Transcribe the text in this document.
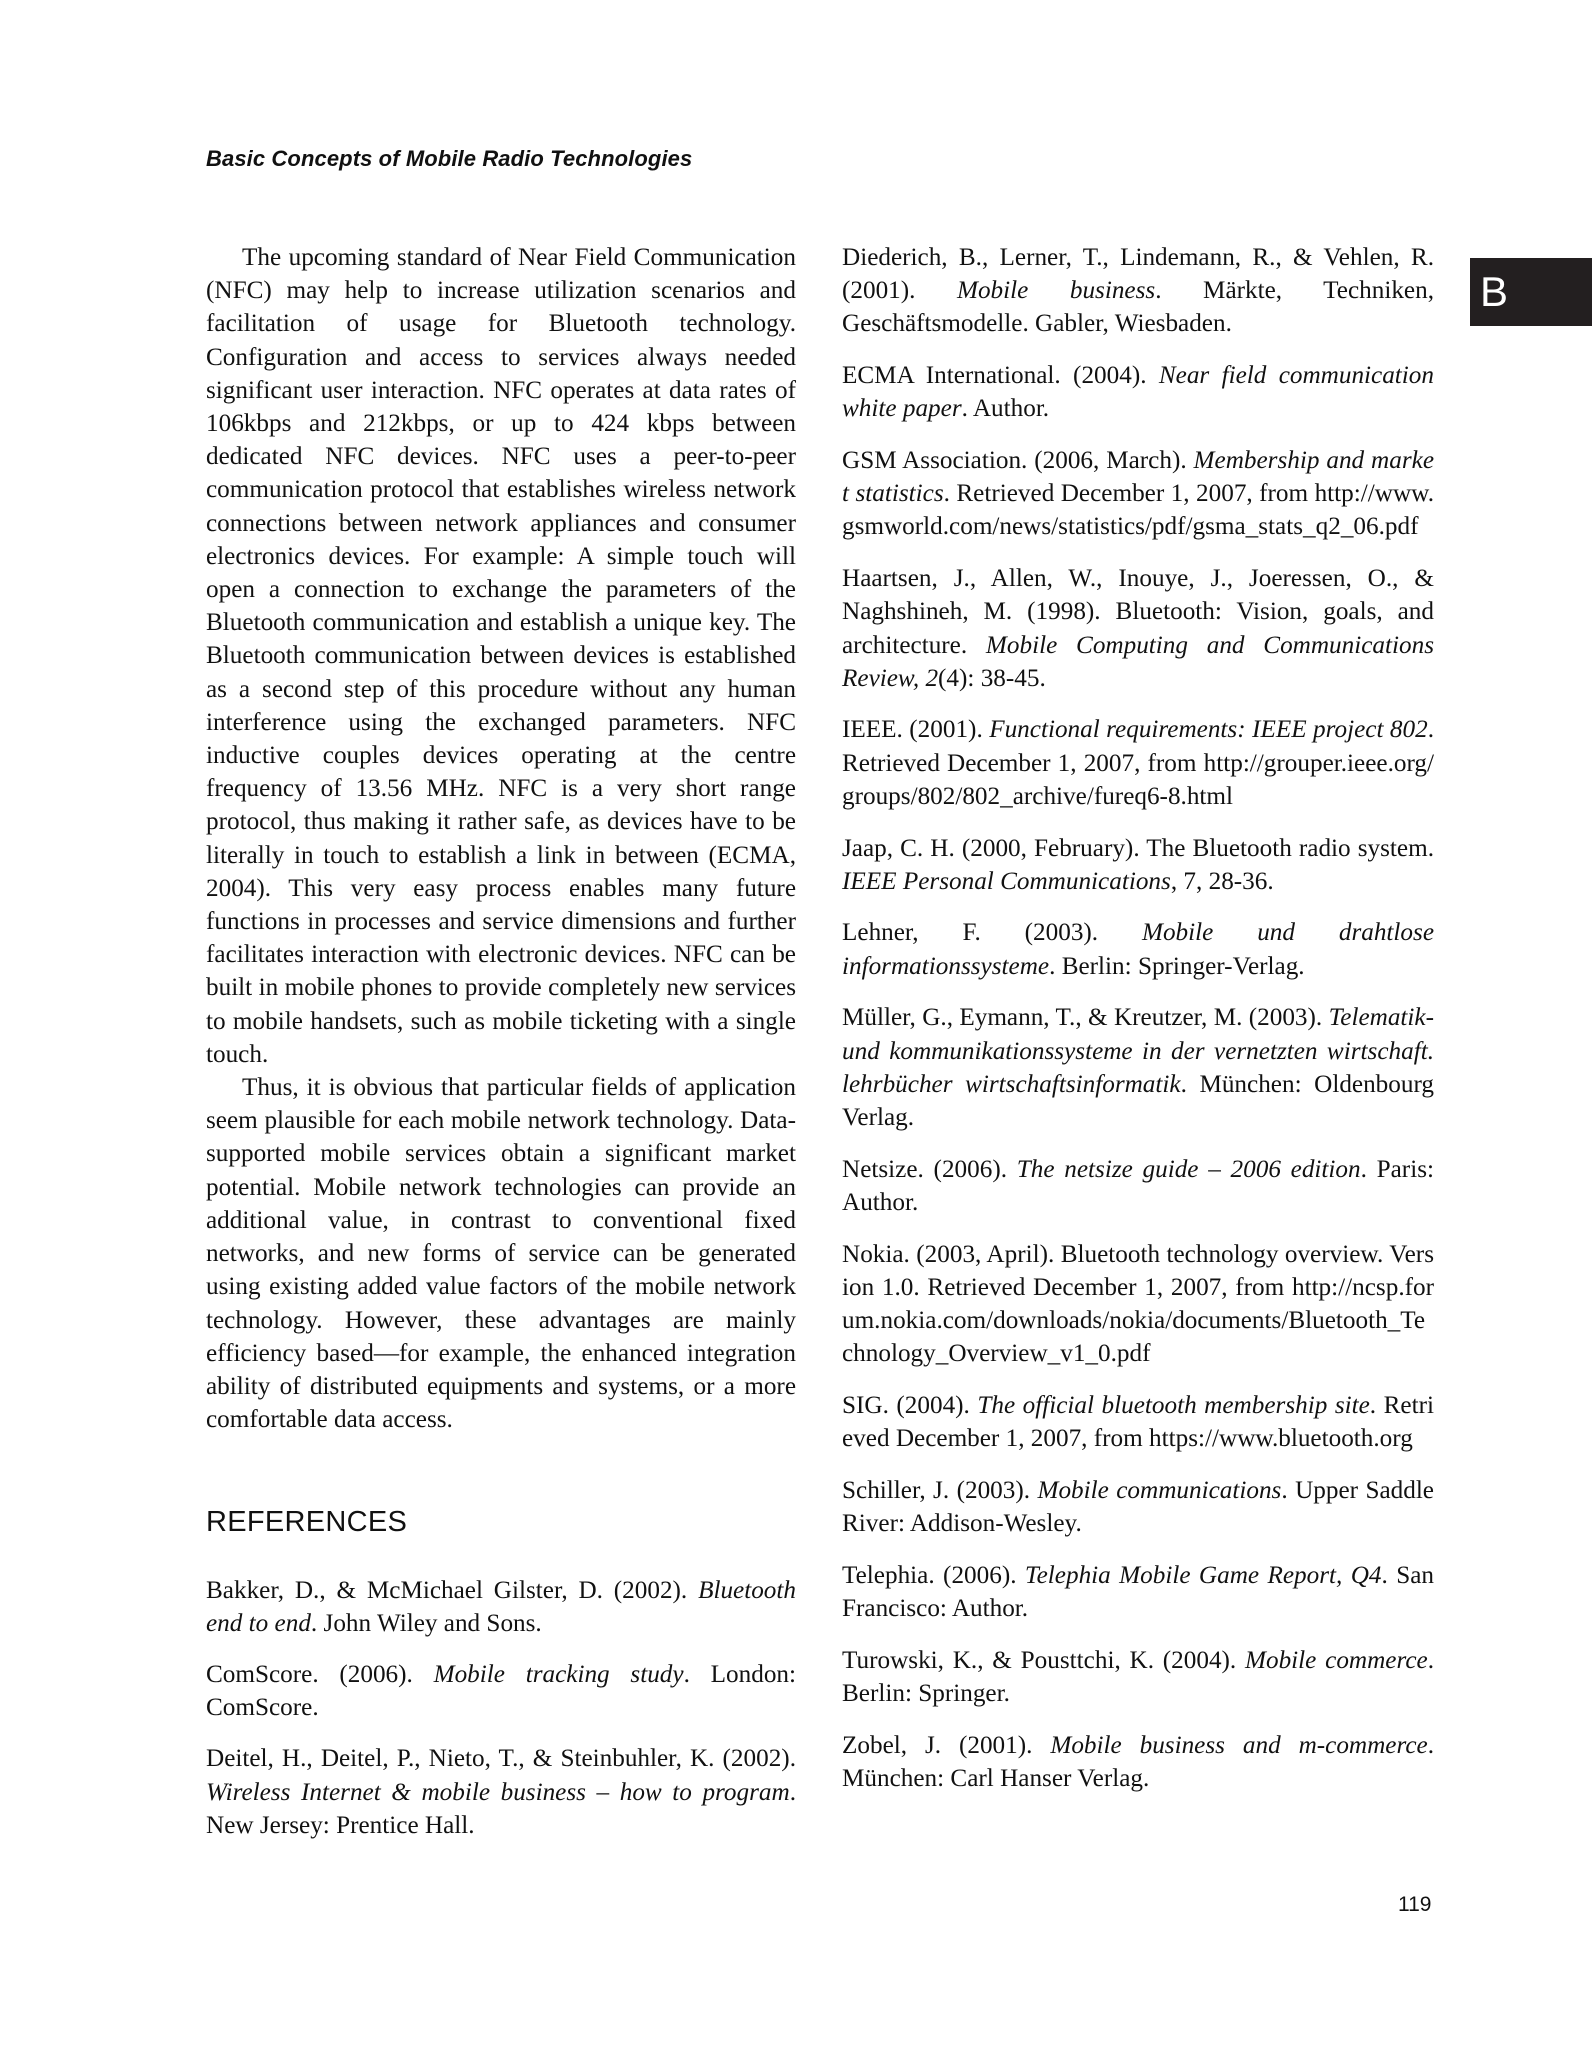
Basic Concepts of Mobile Radio Technologies
B

The upcoming standard of Near Field Communication (NFC) may help to increase utilization scenarios and facilitation of usage for Bluetooth technology. Configuration and access to services always needed significant user interaction. NFC operates at data rates of 106kbps and 212kbps, or up to 424 kbps between dedicated NFC devices. NFC uses a peer-to-peer communication protocol that establishes wireless network connections between network appliances and consumer electronics devices. For example: A simple touch will open a connection to exchange the parameters of the Bluetooth communication and establish a unique key. The Bluetooth communication between devices is established as a second step of this procedure without any human interference using the exchanged parameters. NFC inductive couples devices operating at the centre frequency of 13.56 MHz. NFC is a very short range protocol, thus making it rather safe, as devices have to be literally in touch to establish a link in between (ECMA, 2004). This very easy process enables many future functions in processes and service dimensions and further facilitates interaction with electronic devices. NFC can be built in mobile phones to provide completely new services to mobile handsets, such as mobile ticketing with a single touch.

Thus, it is obvious that particular fields of application seem plausible for each mobile network technology. Data-supported mobile services obtain a significant market potential. Mobile network technologies can provide an additional value, in contrast to conventional fixed networks, and new forms of service can be generated using existing added value factors of the mobile network technology. However, these advantages are mainly efficiency based—for example, the enhanced integration ability of distributed equipments and systems, or a more comfortable data access.

REFERENCES

Bakker, D., & McMichael Gilster, D. (2002). Bluetooth end to end. John Wiley and Sons.

ComScore. (2006). Mobile tracking study. London: ComScore.

Deitel, H., Deitel, P., Nieto, T., & Steinbuhler, K. (2002). Wireless Internet & mobile business – how to program. New Jersey: Prentice Hall.

Diederich, B., Lerner, T., Lindemann, R., & Vehlen, R. (2001). Mobile business. Märkte, Techniken, Geschäftsmodelle. Gabler, Wiesbaden.

ECMA International. (2004). Near field communication white paper. Author.

GSM Association. (2006, March). Membership and market statistics. Retrieved December 1, 2007, from http://www.gsmworld.com/news/statistics/pdf/gsma_stats_q2_06.pdf

Haartsen, J., Allen, W., Inouye, J., Joeressen, O., & Naghshineh, M. (1998). Bluetooth: Vision, goals, and architecture. Mobile Computing and Communications Review, 2(4): 38-45.

IEEE. (2001). Functional requirements: IEEE project 802. Retrieved December 1, 2007, from http://grouper.ieee.org/groups/802/802_archive/fureq6-8.html

Jaap, C. H. (2000, February). The Bluetooth radio system. IEEE Personal Communications, 7, 28-36.

Lehner, F. (2003). Mobile und drahtlose informationssysteme. Berlin: Springer-Verlag.

Müller, G., Eymann, T., & Kreutzer, M. (2003). Telematik- und kommunikationssysteme in der vernetzten wirtschaft. lehrbücher wirtschaftsinformatik. München: Oldenbourg Verlag.

Netsize. (2006). The netsize guide – 2006 edition. Paris: Author.

Nokia. (2003, April). Bluetooth technology overview. Version 1.0. Retrieved December 1, 2007, from http://ncsp.forum.nokia.com/downloads/nokia/documents/Bluetooth_Technology_Overview_v1_0.pdf

SIG. (2004). The official bluetooth membership site. Retrieved December 1, 2007, from https://www.bluetooth.org

Schiller, J. (2003). Mobile communications. Upper Saddle River: Addison-Wesley.

Telephia. (2006). Telephia Mobile Game Report, Q4. San Francisco: Author.

Turowski, K., & Pousttchi, K. (2004). Mobile commerce. Berlin: Springer.

Zobel, J. (2001). Mobile business and m-commerce. München: Carl Hanser Verlag.

119
